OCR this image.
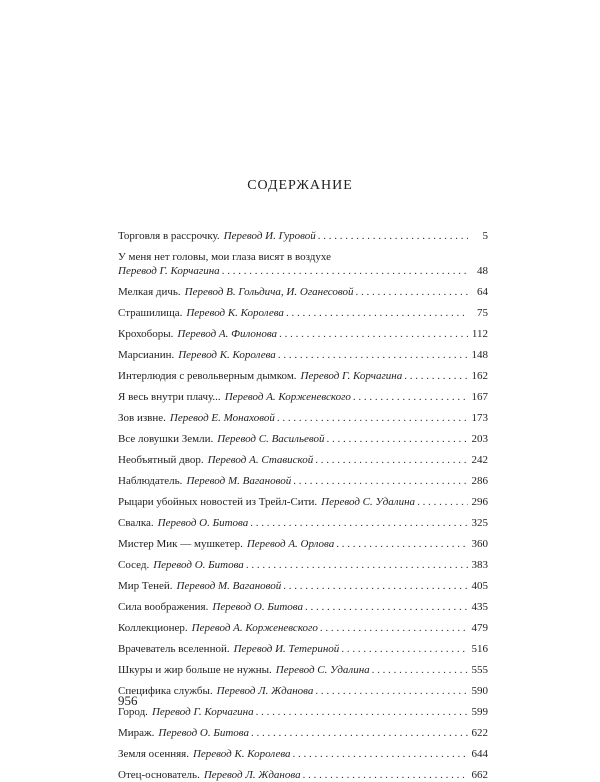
СОДЕРЖАНИЕ
Торговля в рассрочку. Перевод И. Гуровой . . .	5
У меня нет головы, мои глаза висят в воздухе
Перевод Г. Корчагина . . .	48
Мелкая дичь. Перевод В. Гольдича, И. Оганесовой . . .	64
Страшилища. Перевод К. Королева . . .	75
Крохоборы. Перевод А. Филонова . . .	112
Марсианин. Перевод К. Королева . . .	148
Интерлюдия с револьверным дымком. Перевод Г. Корчагина . . .	162
Я весь внутри плачу... Перевод А. Корженевского . . .	167
Зов извне. Перевод Е. Монаховой . . .	173
Все ловушки Земли. Перевод С. Васильевой . . .	203
Необъятный двор. Перевод А. Ставиской . . .	242
Наблюдатель. Перевод М. Вагановой . . .	286
Рыцари убойных новостей из Трейл-Сити. Перевод С. Удалина . . .	296
Свалка. Перевод О. Битова . . .	325
Мистер Мик — мушкетер. Перевод А. Орлова . . .	360
Сосед. Перевод О. Битова . . .	383
Мир Теней. Перевод М. Вагановой . . .	405
Сила воображения. Перевод О. Битова . . .	435
Коллекционер. Перевод А. Корженевского . . .	479
Врачеватель вселенной. Перевод И. Тетериной . . .	516
Шкуры и жир больше не нужны. Перевод С. Удалина . . .	555
Специфика службы. Перевод Л. Жданова . . .	590
Город. Перевод Г. Корчагина . . .	599
Мираж. Перевод О. Битова . . .	622
Земля осенняя. Перевод К. Королева . . .	644
Отец-основатель. Перевод Л. Жданова . . .	662
956
